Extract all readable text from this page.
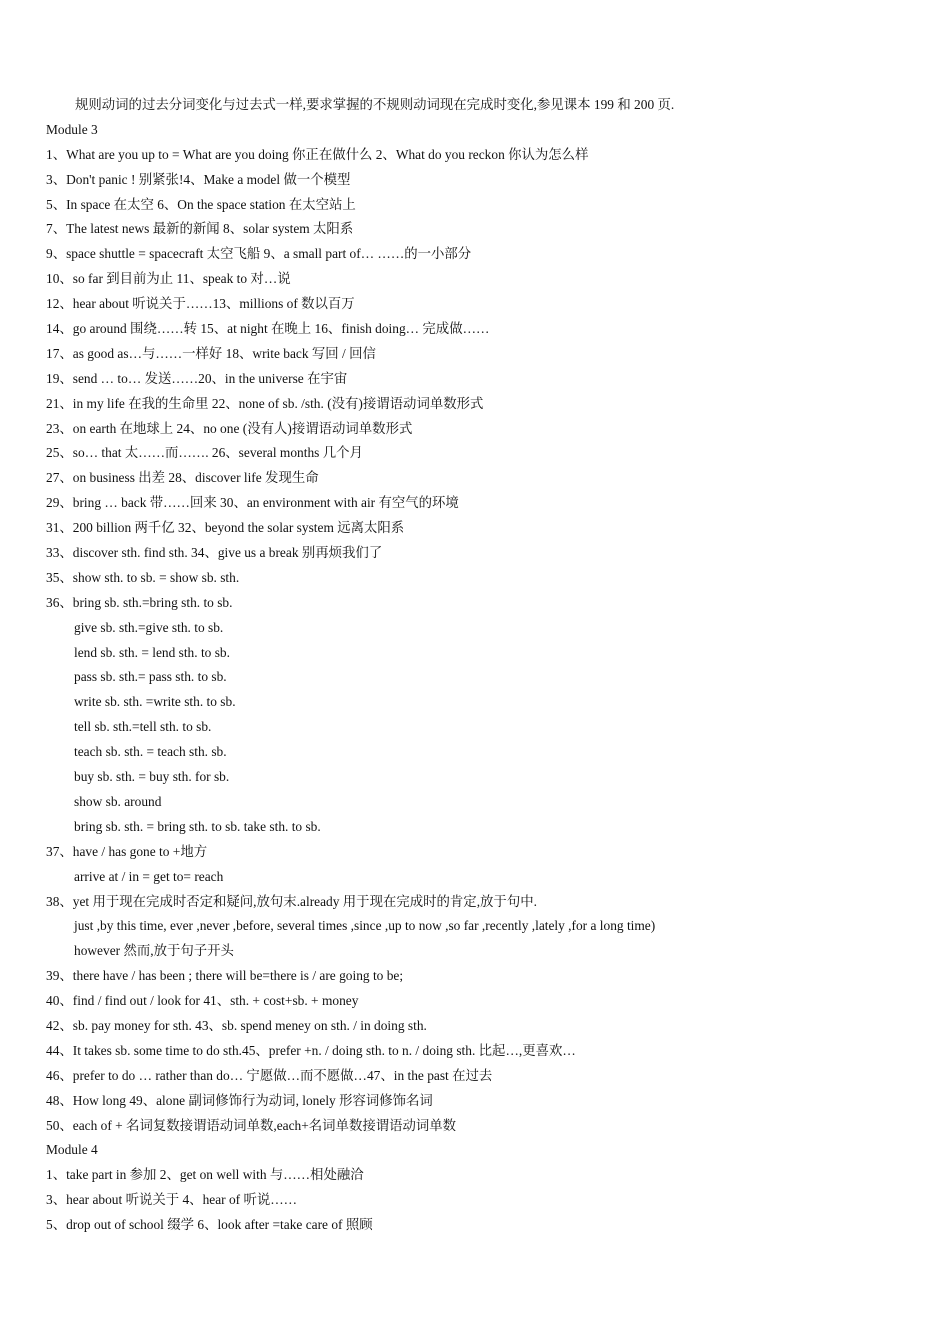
规则动词的过去分词变化与过去式一样,要求掌握的不规则动词现在完成时变化,参见课本 199 和 200 页.
Module 3
1、What are you up to = What are you doing 你正在做什么 2、What do you reckon 你认为怎么样
3、Don't panic ! 别紧张!4、Make a model 做一个模型
5、In space 在太空 6、On the space station 在太空站上
7、The latest news 最新的新闻 8、solar system 太阳系
9、space shuttle = spacecraft 太空飞船 9、a small part of… ……的一小部分
10、so far 到目前为止 11、speak to 对…说
12、hear about 听说关于……13、millions of 数以百万
14、go around 围绕……转 15、at night 在晚上 16、finish doing… 完成做……
17、as good as…与……一样好 18、write back 写回 / 回信
19、send … to… 发送……20、in the universe 在宇宙
21、in my life 在我的生命里 22、none of sb. /sth. (没有)接谓语动词单数形式
23、on earth 在地球上 24、no one (没有人)接谓语动词单数形式
25、so… that 太……而……. 26、several months 几个月
27、on business 出差 28、discover life 发现生命
29、bring … back 带……回来 30、an environment with air 有空气的环境
31、200 billion 两千亿 32、beyond the solar system 远离太阳系
33、discover sth. find sth. 34、give us a break 别再烦我们了
35、show sth. to sb. = show sb. sth.
36、bring sb. sth.=bring sth. to sb.
give sb. sth.=give sth. to sb.
lend sb. sth. = lend sth. to sb.
pass sb. sth.= pass sth. to sb.
write sb. sth. =write sth. to sb.
tell sb. sth.=tell sth. to sb.
teach sb. sth. = teach sth. sb.
buy sb. sth. = buy sth. for sb.
show sb. around
bring sb. sth. = bring sth. to sb. take sth. to sb.
37、have / has gone to +地方
arrive at / in = get to= reach
38、yet 用于现在完成时否定和疑问,放句末.already 用于现在完成时的肯定,放于句中.
just ,by this time, ever ,never ,before, several times ,since ,up to now ,so far ,recently ,lately ,for a long time)
however 然而,放于句子开头
39、there have / has been ; there will be=there is / are going to be;
40、find / find out / look for 41、sth. + cost+sb. + money
42、sb. pay money for sth. 43、sb. spend meney on sth. / in doing sth.
44、It takes sb. some time to do sth.45、prefer +n. / doing sth. to n. / doing sth. 比起…,更喜欢…
46、prefer to do … rather than do… 宁愿做…而不愿做…47、in the past 在过去
48、How long 49、alone 副词修饰行为动词, lonely 形容词修饰名词
50、each of + 名词复数接谓语动词单数,each+名词单数接谓语动词单数
Module 4
1、take part in 参加 2、get on well with 与……相处融洽
3、hear about 听说关于 4、hear of 听说……
5、drop out of school 缀学 6、look after =take care of 照顾
